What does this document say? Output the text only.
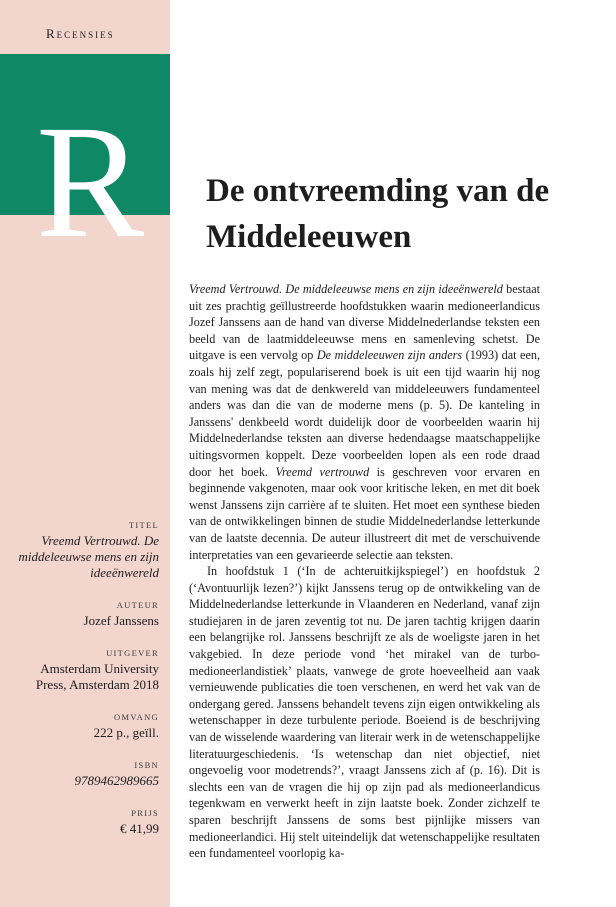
Recensies
R
TITEL
Vreemd Vertrouwd. De middeleeuwse mens en zijn ideeënwereld
AUTEUR
Jozef Janssens
UITGEVER
Amsterdam University Press, Amsterdam 2018
OMVANG
222 p., geïll.
ISBN
9789462989665
PRIJS
€ 41,99
De ontvreemding van de Middeleeuwen

Vreemd Vertrouwd. De middeleeuwse mens en zijn ideeënwereld bestaat uit zes prachtig geïllustreerde hoofdstukken waarin medioneerlandicus Jozef Janssens aan de hand van diverse Middelnederlandse teksten een beeld van de laatmiddeleeuwse mens en samenleving schetst. De uitgave is een vervolg op De middeleeuwen zijn anders (1993) dat een, zoals hij zelf zegt, populariserend boek is uit een tijd waarin hij nog van mening was dat de denkwereld van middeleeuwers fundamenteel anders was dan die van de moderne mens (p. 5). De kanteling in Janssens' denkbeeld wordt duidelijk door de voorbeelden waarin hij Middelnederlandse teksten aan diverse hedendaagse maatschappelijke uitingsvormen koppelt. Deze voorbeelden lopen als een rode draad door het boek. Vreemd vertrouwd is geschreven voor ervaren en beginnende vakgenoten, maar ook voor kritische leken, en met dit boek wenst Janssens zijn carrière af te sluiten. Het moet een synthese bieden van de ontwikkelingen binnen de studie Middelnederlandse letterkunde van de laatste decennia. De auteur illustreert dit met de verschuivende interpretaties van een gevarieerde selectie aan teksten.

In hoofdstuk 1 (‘In de achteruitkijkspiegel’) en hoofdstuk 2 (‘Avontuurlijk lezen?’) kijkt Janssens terug op de ontwikkeling van de Middelnederlandse letterkunde in Vlaanderen en Nederland, vanaf zijn studiejaren in de jaren zeventig tot nu. De jaren tachtig krijgen daarin een belangrijke rol. Janssens beschrijft ze als de woeligste jaren in het vakgebied. In deze periode vond ‘het mirakel van de turbo-medioneerlandistiek’ plaats, vanwege de grote hoeveelheid aan vaak vernieuwende publicaties die toen verschenen, en werd het vak van de ondergang gered. Janssens behandelt tevens zijn eigen ontwikkeling als wetenschapper in deze turbulente periode. Boeiend is de beschrijving van de wisselende waardering van literair werk in de wetenschappelijke literatuurgeschiedenis. ‘Is wetenschap dan niet objectief, niet ongevoelig voor modetrends?’, vraagt Janssens zich af (p. 16). Dit is slechts een van de vragen die hij op zijn pad als medioneerlandicus tegenkwam en verwerkt heeft in zijn laatste boek. Zonder zichzelf te sparen beschrijft Janssens de soms best pijnlijke missers van medioneerlandici. Hij stelt uiteindelijk dat wetenschappelijke resultaten een fundamenteel voorlopig ka-
